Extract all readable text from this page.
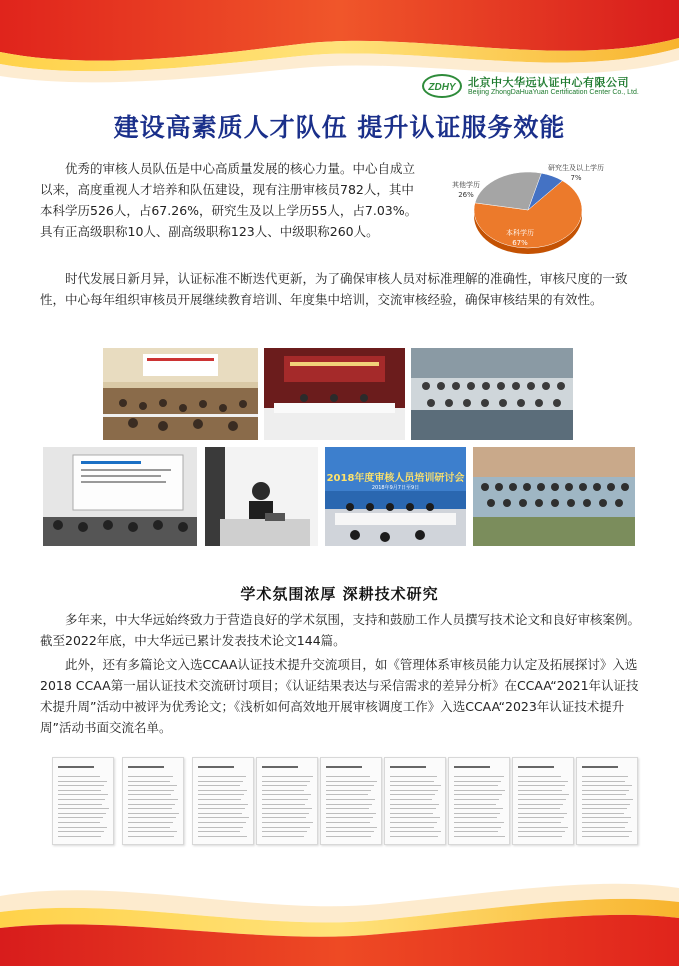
ZDHY	北京中大华远认证中心有限公司
Beijing ZhongDaHuaYuan Certification Center Co., Ltd.
建设高素质人才队伍 提升认证服务效能

优秀的审核人员队伍是中心高质量发展的核心力量。中心自成立以来，高度重视人才培养和队伍建设，现有注册审核员782人，其中本科学历526人，占67.26%，研究生及以上学历55人，占7.03%。具有正高级职称10人、副高级职称123人、中级职称260人。

研究生及以上学历
7%
其他学历
26%
本科学历
67%

时代发展日新月异，认证标准不断迭代更新，为了确保审核人员对标准理解的准确性，审核尺度的一致性，中心每年组织审核员开展继续教育培训、年度集中培训，交流审核经验，确保审核结果的有效性。

2018年度审核人员培训研讨会
2018年9月7日至9日
学术氛围浓厚 深耕技术研究

多年来，中大华远始终致力于营造良好的学术氛围，支持和鼓励工作人员撰写技术论文和良好审核案例。截至2022年底，中大华远已累计发表技术论文144篇。

此外，还有多篇论文入选CCAA认证技术提升交流项目，如《管理体系审核员能力认定及拓展探讨》入选2018 CCAA第一届认证技术交流研讨项目；《认证结果表达与采信需求的差异分析》在CCAA“2021年认证技术提升周”活动中被评为优秀论文；《浅析如何高效地开展审核调度工作》入选CCAA“2023年认证技术提升周”活动书面交流名单。
